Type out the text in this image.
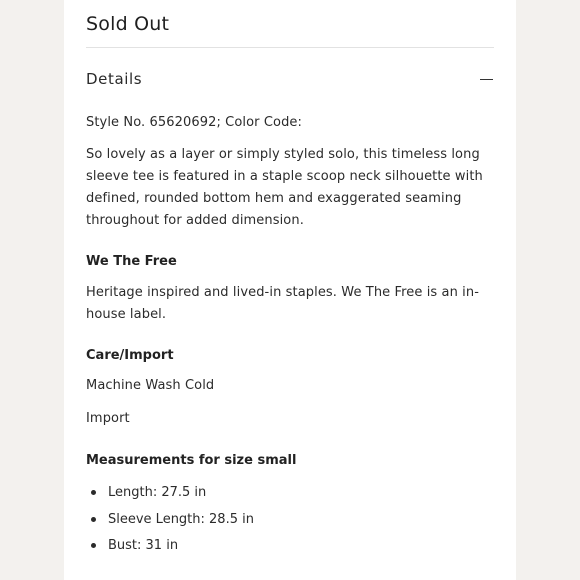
Sold Out
Details
Style No. 65620692; Color Code:
So lovely as a layer or simply styled solo, this timeless long sleeve tee is featured in a staple scoop neck silhouette with defined, rounded bottom hem and exaggerated seaming throughout for added dimension.
We The Free
Heritage inspired and lived-in staples. We The Free is an in-house label.
Care/Import
Machine Wash Cold
Import
Measurements for size small
Length: 27.5 in
Sleeve Length: 28.5 in
Bust: 31 in
